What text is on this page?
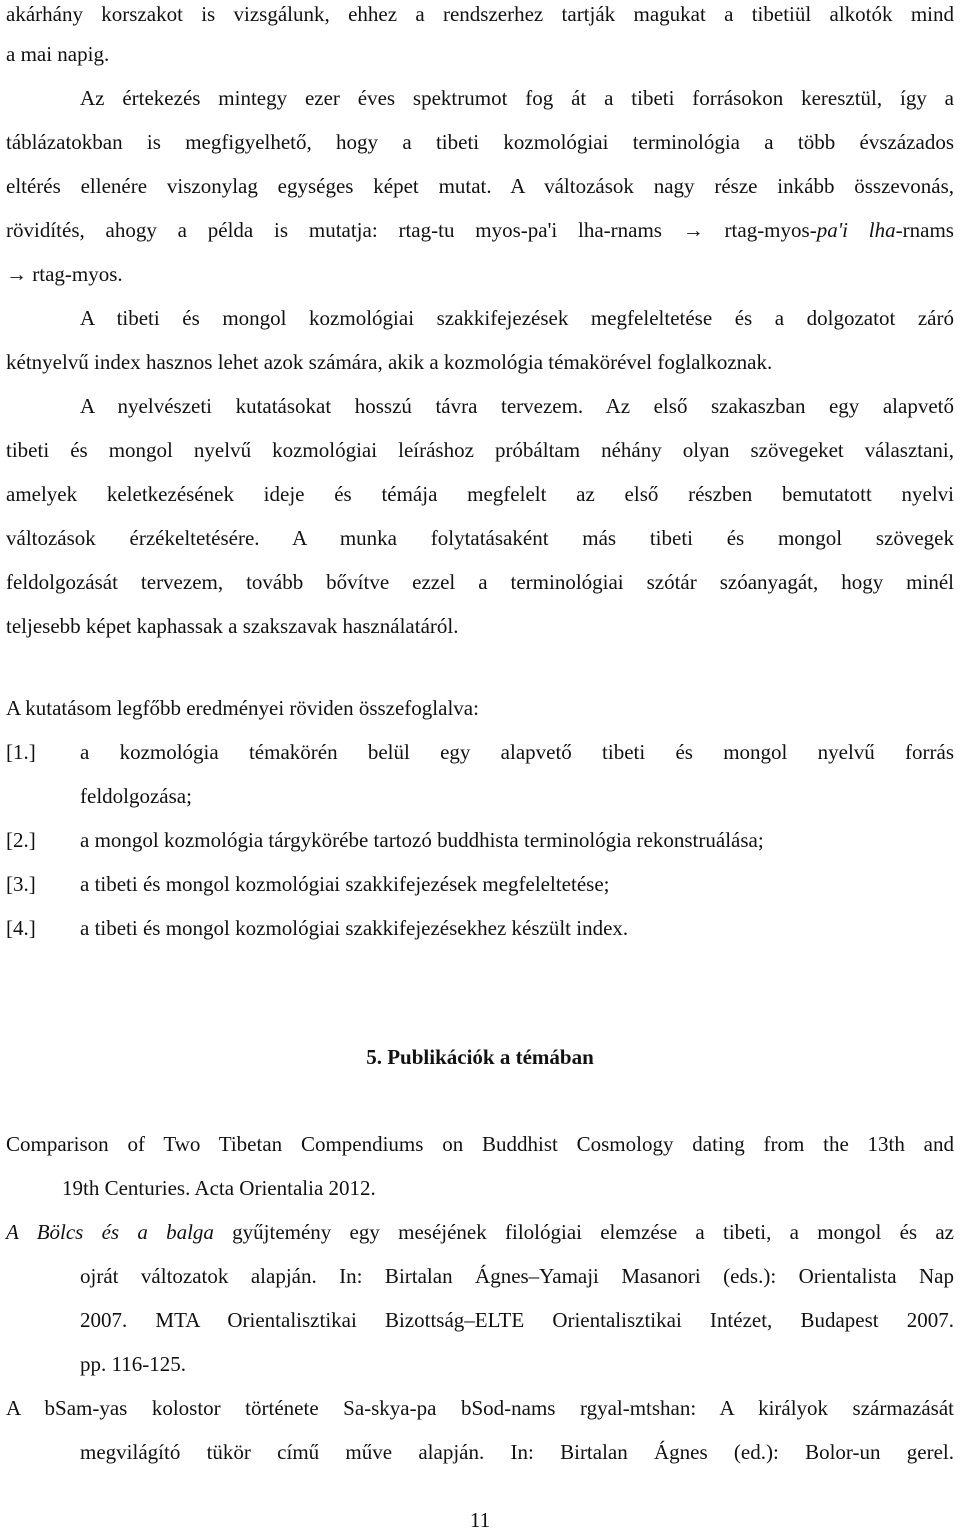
akárhány korszakot is vizsgálunk, ehhez a rendszerhez tartják magukat a tibetiül alkotók mind
a mai napig.
Az értekezés mintegy ezer éves spektrumot fog át a tibeti forrásokon keresztül, így a
táblázatokban is megfigyelhető, hogy a tibeti kozmológiai terminológia a több évszázados
eltérés ellenére viszonylag egységes képet mutat. A változások nagy része inkább összevonás,
rövidítés, ahogy a példa is mutatja: rtag-tu myos-pa'i lha-rnams → rtag-myos-pa'i lha-rnams
→ rtag-myos.
A tibeti és mongol kozmológiai szakkifejezések megfeleltetése és a dolgozatot záró
kétnyelvű index hasznos lehet azok számára, akik a kozmológia témakörével foglalkoznak.
A nyelvészeti kutatásokat hosszú távra tervezem. Az első szakaszban egy alapvető
tibeti és mongol nyelvű kozmológiai leíráshoz próbáltam néhány olyan szövegeket választani,
amelyek keletkezésének ideje és témája megfelelt az első részben bemutatott nyelvi
változások érzékeltetésére. A munka folytatásaként más tibeti és mongol szövegek
feldolgozását tervezem, tovább bővítve ezzel a terminológiai szótár szóanyagát, hogy minél
teljesebb képet kaphassak a szakszavak használatáról.
A kutatásom legfőbb eredményei röviden összefoglalva:
[1.] a kozmológia témakörén belül egy alapvető tibeti és mongol nyelvű forrás
feldolgozása;
[2.] a mongol kozmológia tárgykörébe tartozó buddhista terminológia rekonstruálása;
[3.] a tibeti és mongol kozmológiai szakkifejezések megfeleltetése;
[4.] a tibeti és mongol kozmológiai szakkifejezésekhez készült index.
5. Publikációk a témában
Comparison of Two Tibetan Compendiums on Buddhist Cosmology dating from the 13th and
19th Centuries. Acta Orientalia 2012.
A Bölcs és a balga gyűjtemény egy meséjének filológiai elemzése a tibeti, a mongol és az
ojrát változatok alapján. In: Birtalan Ágnes–Yamaji Masanori (eds.): Orientalista Nap
2007. MTA Orientalisztikai Bizottság–ELTE Orientalisztikai Intézet, Budapest 2007.
pp. 116-125.
A bSam-yas kolostor története Sa-skya-pa bSod-nams rgyal-mtshan: A királyok származását
megvilágító tükör című műve alapján. In: Birtalan Ágnes (ed.): Bolor-un gerel.
11
